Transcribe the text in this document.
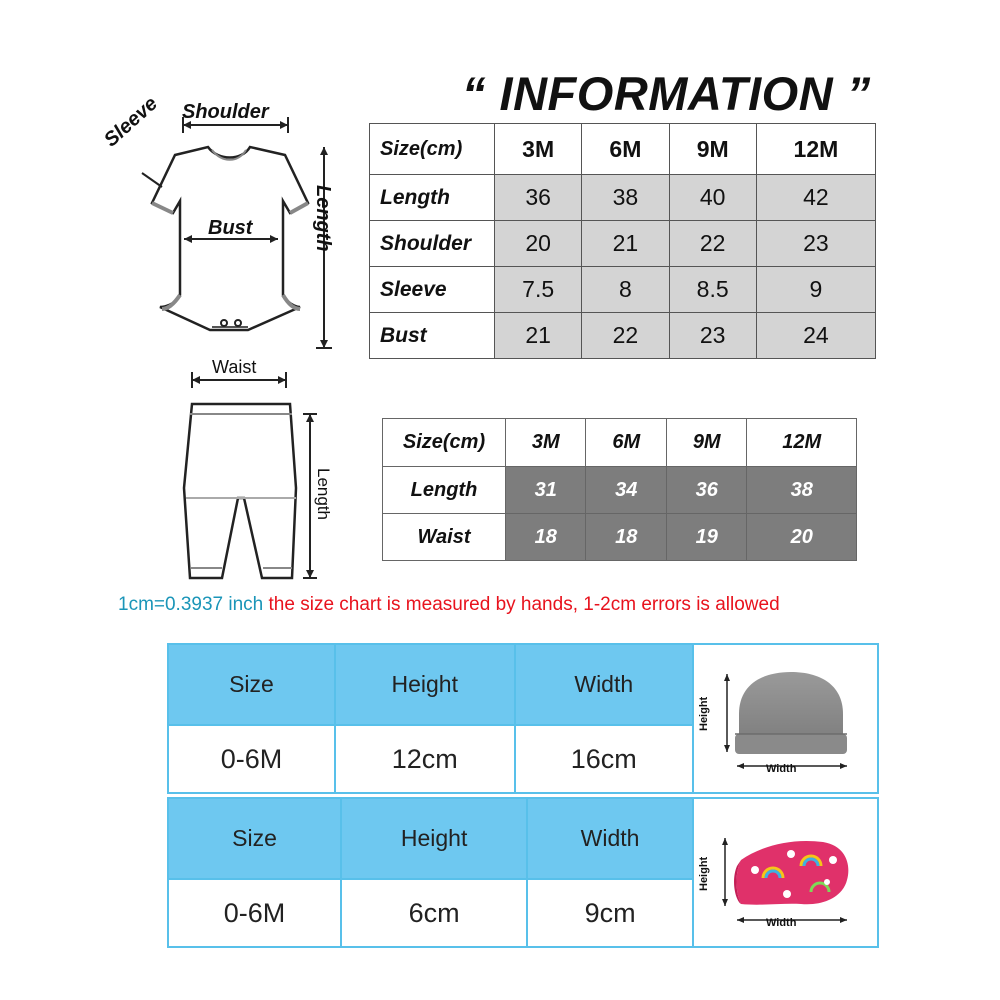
“ INFORMATION ”
Shoulder
Sleeve
Bust	Length
Size(cm)	3M	6M	9M	12M
Length	36	38	40	42
Shoulder	20	21	22	23
Sleeve	7.5	8	8.5	9
Bust	21	22	23	24
Waist
Length
Size(cm)	3M	6M	9M	12M
Length	31	34	36	38
Waist	18	18	19	20
1cm=0.3937 inch the size chart is measured by hands, 1-2cm errors is allowed
Size	Height	Width	Height
Width

0-6M	12cm	16cm	
Size	Height	Width	Height
Width

0-6M	6cm	9cm	
